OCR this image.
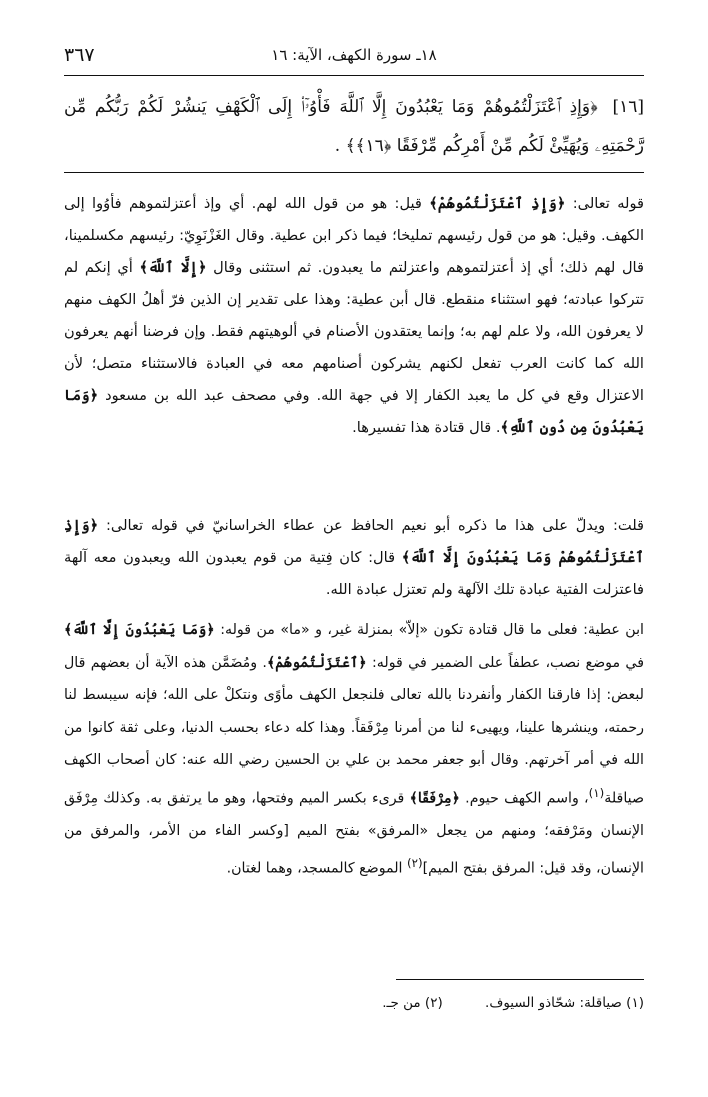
٣٦٧	١٨ـ سورة الكهف، الآية: ١٦
[١٦] ﴿وَإِذِ ٱعْتَزَلْتُمُوهُمْ وَمَا يَعْبُدُونَ إِلَّا ٱللَّهَ فَأْوُۥٓا۟ إِلَى ٱلْكَهْفِ يَنشُرْ لَكُمْ رَبُّكُم مِّن رَّحْمَتِهِۦ وَيُهَيِّئْ لَكُم مِّنْ أَمْرِكُم مِّرْفَقًا ﴿١٦﴾﴾ .
قوله تعالى: ﴿وَإِذِ ٱعْتَزَلْتُمُوهُمْ﴾ قيل: هو من قول الله لهم. أي وإذ أعتزلتموهم فأوُوا إلى الكهف. وقيل: هو من قول رئيسهم تمليخا؛ فيما ذكر ابن عطية. وقال الغَزْنَوِيّ: رئيسهم مكسلمينا، قال لهم ذلك؛ أي إذ أعتزلتموهم واعتزلتم ما يعبدون. ثم استثنى وقال ﴿إِلَّا ٱللَّهَ﴾ أي إنكم لم تتركوا عبادته؛ فهو استثناء منقطع. قال أبن عطية: وهذا على تقدير إن الذين فرّ أهلُ الكهف منهم لا يعرفون الله، ولا علم لهم به؛ وإنما يعتقدون الأصنام في ألوهيتهم فقط. وإن فرضنا أنهم يعرفون الله كما كانت العرب تفعل لكنهم يشركون أصنامهم معه في العبادة فالاستثناء متصل؛ لأن الاعتزال وقع في كل ما يعبد الكفار إلا في جهة الله. وفي مصحف عبد الله بن مسعود ﴿وَمَا يَعْبُدُونَ مِن دُونِ ٱللَّهِ﴾. قال قتادة هذا تفسيرها.
قلت: ويدلّ على هذا ما ذكره أبو نعيم الحافظ عن عطاء الخراسانيّ في قوله تعالى: ﴿وَإِذِ ٱعْتَزَلْتُمُوهُمْ وَمَا يَعْبُدُونَ إِلَّا ٱللَّهَ﴾ قال: كان فِتية من قوم يعبدون الله ويعبدون معه آلهة فاعتزلت الفتية عبادة تلك الآلهة ولم تعتزل عبادة الله.
ابن عطية: فعلى ما قال قتادة تكون «إلاّ» بمنزلة غير، و «ما» من قوله: ﴿وَمَا يَعْبُدُونَ إِلَّا ٱللَّهَ﴾ في موضع نصب، عطفاً على الضمير في قوله: ﴿ٱعْتَزَلْتُمُوهُمْ﴾. ومُضَمَّن هذه الآية أن بعضهم قال لبعض: إذا فارقنا الكفار وأنفردنا بالله تعالى فلنجعل الكهف مأوًى ونتكلْ على الله؛ فإنه سيبسط لنا رحمته، وينشرها علينا، ويهيىء لنا من أمرنا مِرْفَقاً. وهذا كله دعاء بحسب الدنيا، وعلى ثقة كانوا من الله في أمر آخرتهم. وقال أبو جعفر محمد بن علي بن الحسين رضي الله عنه: كان أصحاب الكهف صياقلة$^{(١)}$، واسم الكهف حيوم. ﴿مِرْفَقًا﴾ قرىء بكسر الميم وفتحها، وهو ما يرتفق به. وكذلك مِرْفَق الإنسان ومَرْفقه؛ ومنهم من يجعل «المرفق» بفتح الميم [وكسر الفاء من الأمر، والمرفق من الإنسان، وقد قيل: المرفق بفتح الميم]$^{(٢)}$ الموضع كالمسجد، وهما لغتان.
(١) صياقلة: شحّاذو السيوف. (٢) من جـ.
